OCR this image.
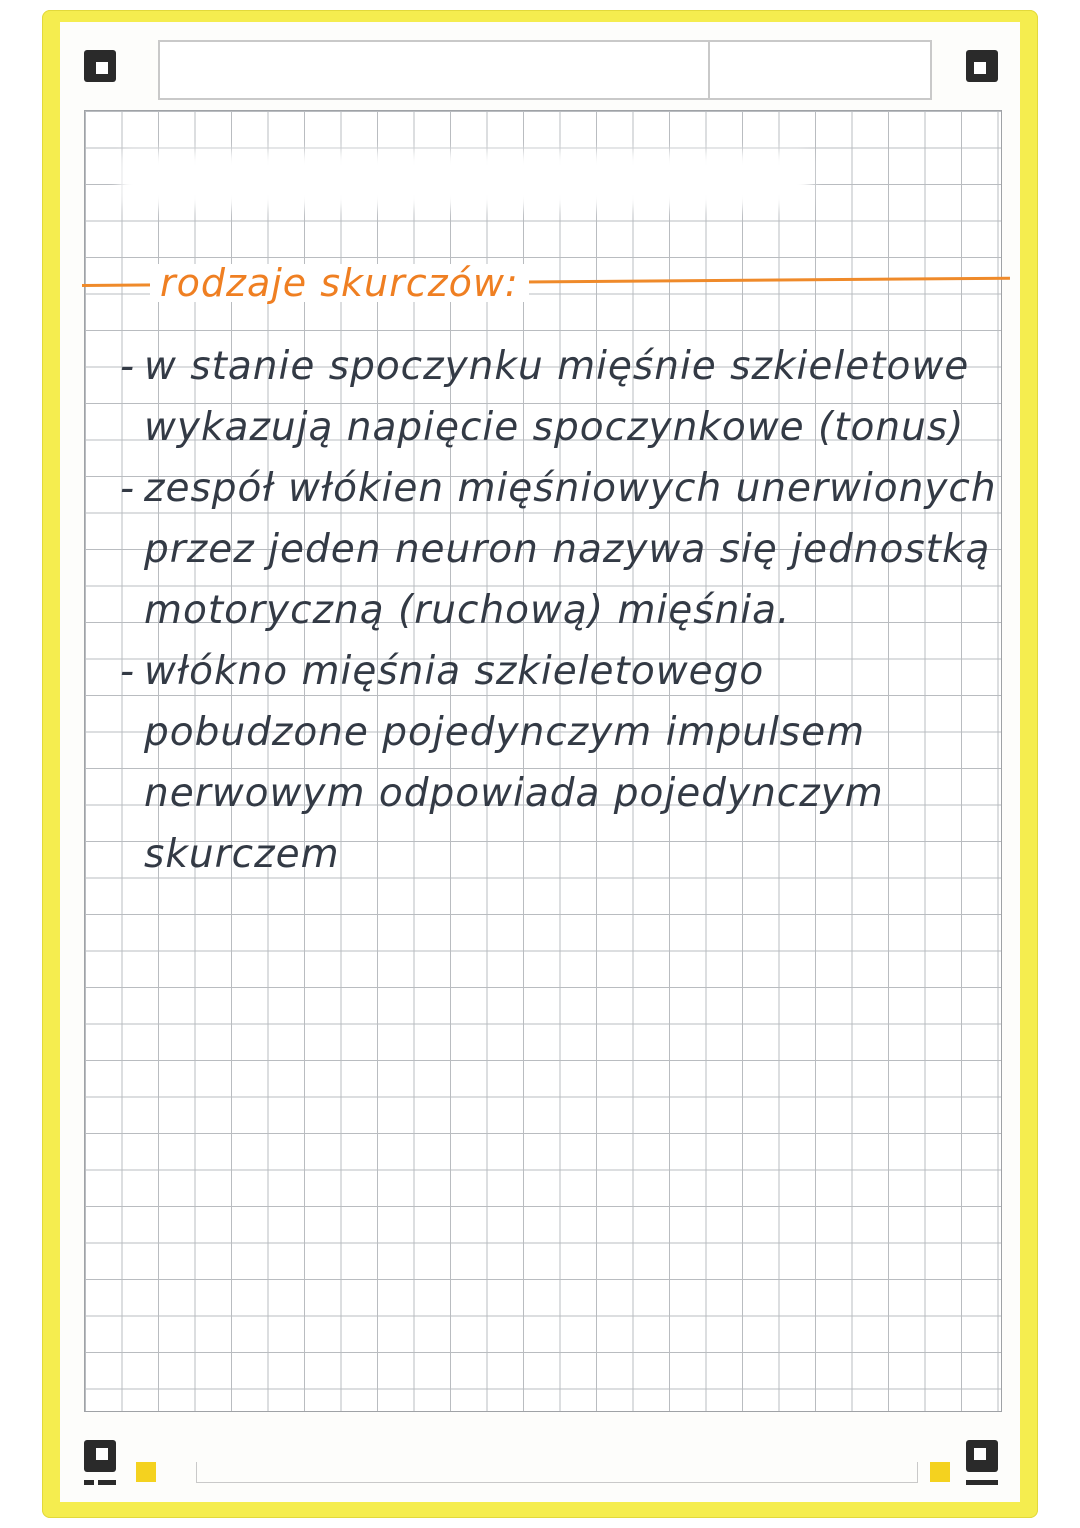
rodzaje skurczów:
- w stanie spoczynku mięśnie szkieletowe wykazują napięcie spoczynkowe (tonus)
- zespół włókien mięśniowych unerwionych przez jeden neuron nazywa się jednostką motoryczną (ruchową) mięśnia.
- włókno mięśnia szkieletowego pobudzone pojedynczym impulsem nerwowym odpowiada pojedynczym skurczem
